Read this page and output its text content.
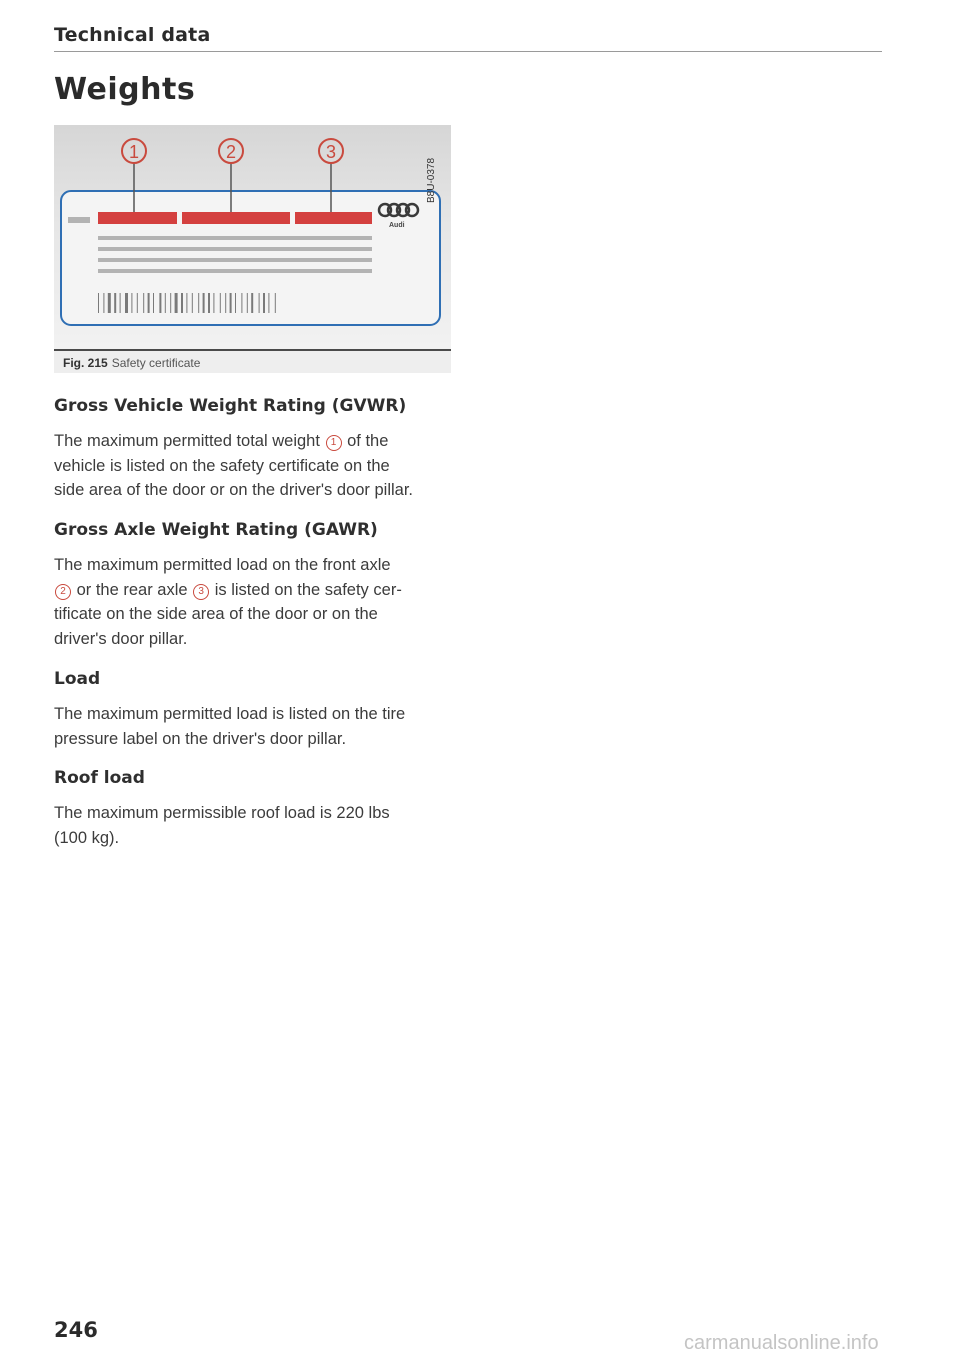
Technical data
Weights
Audi
1	2	3
B8U-0378
Fig. 215 Safety certificate
Gross Vehicle Weight Rating (GVWR)
The maximum permitted total weight 1 of the
vehicle is listed on the safety certificate on the
side area of the door or on the driver's door pillar.
Gross Axle Weight Rating (GAWR)
The maximum permitted load on the front axle
2 or the rear axle 3 is listed on the safety cer-
tificate on the side area of the door or on the
driver's door pillar.
Load
The maximum permitted load is listed on the tire
pressure label on the driver's door pillar.
Roof load
The maximum permissible roof load is 220 lbs
(100 kg).
246
carmanualsonline.info
